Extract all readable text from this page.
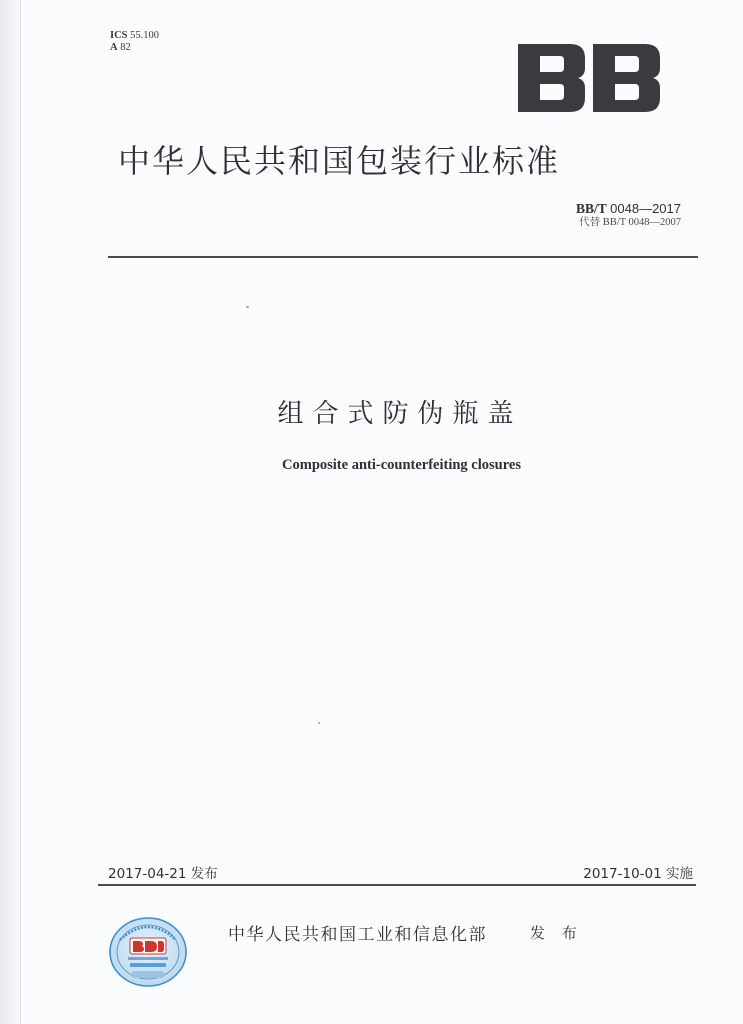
ICS 55.100
A 82
中华人民共和国包装行业标准
BB/T 0048—2017
代替 BB/T 0048—2007
组合式防伪瓶盖
Composite anti-counterfeiting closures
2017-04-21 发布	2017-10-01 实施
中华人民共和国工业和信息化部	发 布
